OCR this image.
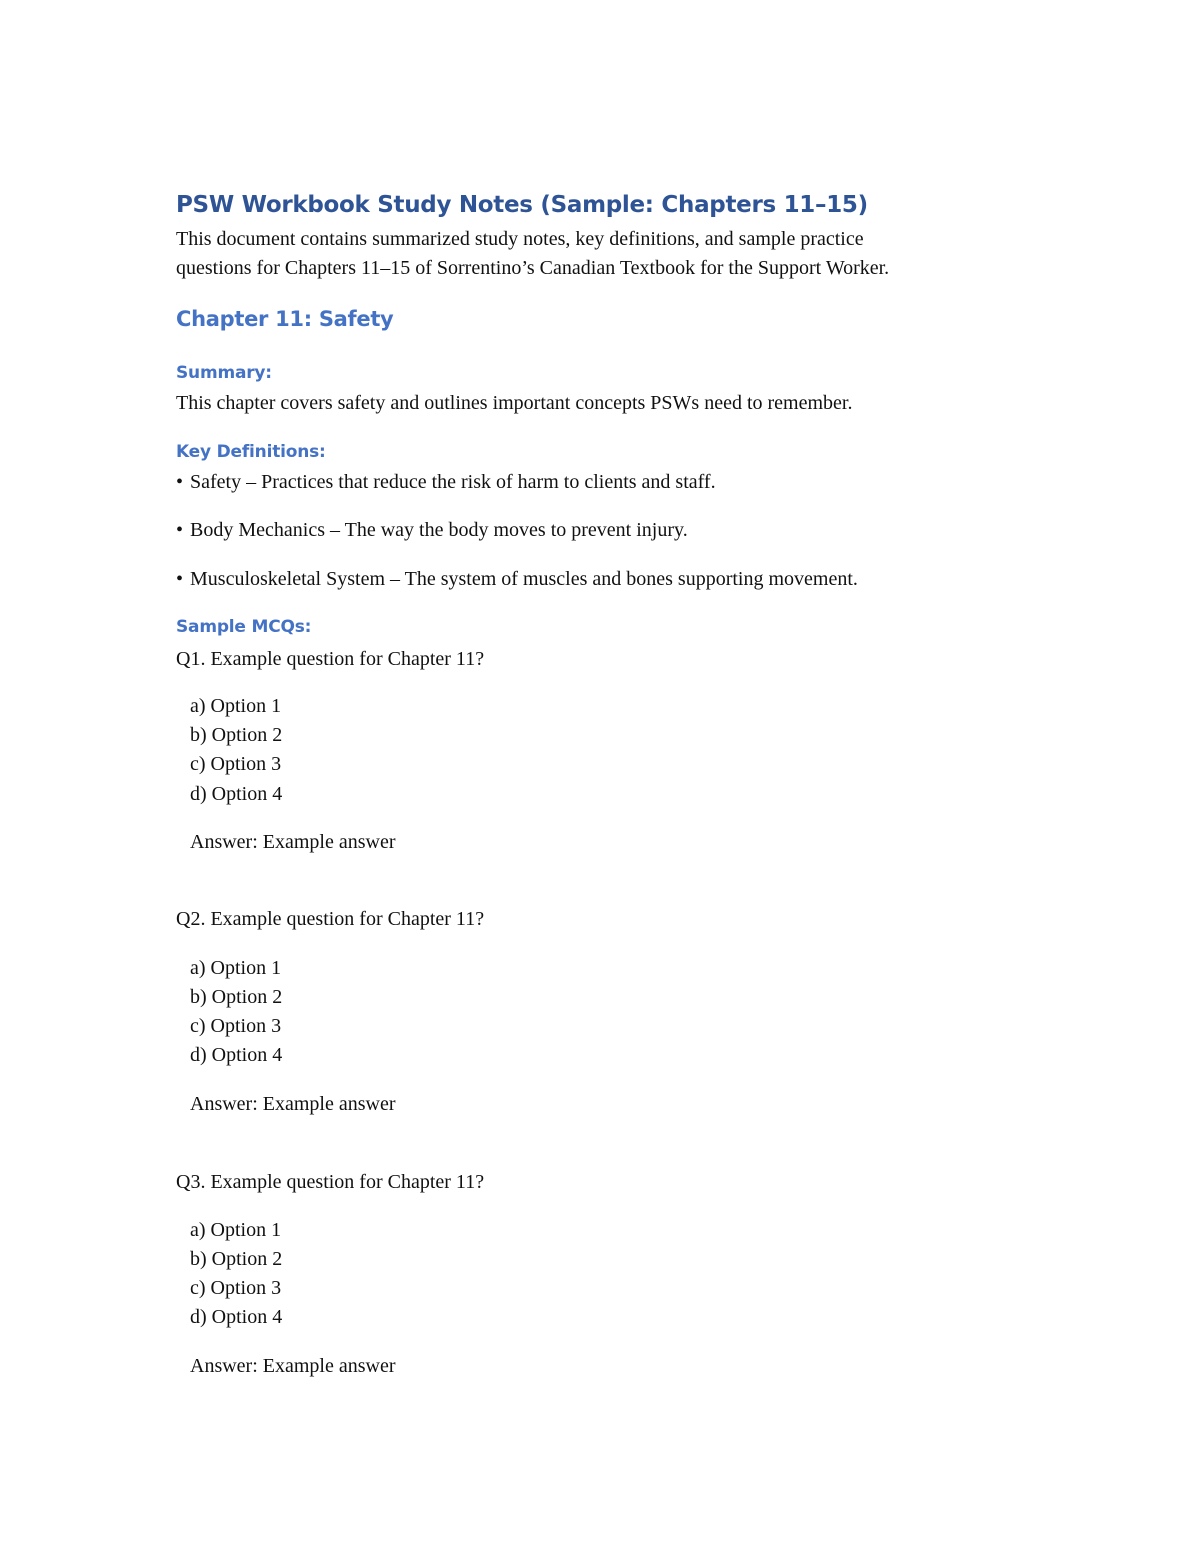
PSW Workbook Study Notes (Sample: Chapters 11–15)

This document contains summarized study notes, key definitions, and sample practice

questions for Chapters 11–15 of Sorrentino’s Canadian Textbook for the Support Worker.

Chapter 11: Safety
Summary:

This chapter covers safety and outlines important concepts PSWs need to remember.

Key Definitions:

• Safety – Practices that reduce the risk of harm to clients and staff.

• Body Mechanics – The way the body moves to prevent injury.

• Musculoskeletal System – The system of muscles and bones supporting movement.

Sample MCQs:

Q1. Example question for Chapter 11?

a) Option 1

b) Option 2

c) Option 3

d) Option 4

Answer: Example answer

Q2. Example question for Chapter 11?

a) Option 1

b) Option 2

c) Option 3

d) Option 4

Answer: Example answer

Q3. Example question for Chapter 11?

a) Option 1

b) Option 2

c) Option 3

d) Option 4

Answer: Example answer
